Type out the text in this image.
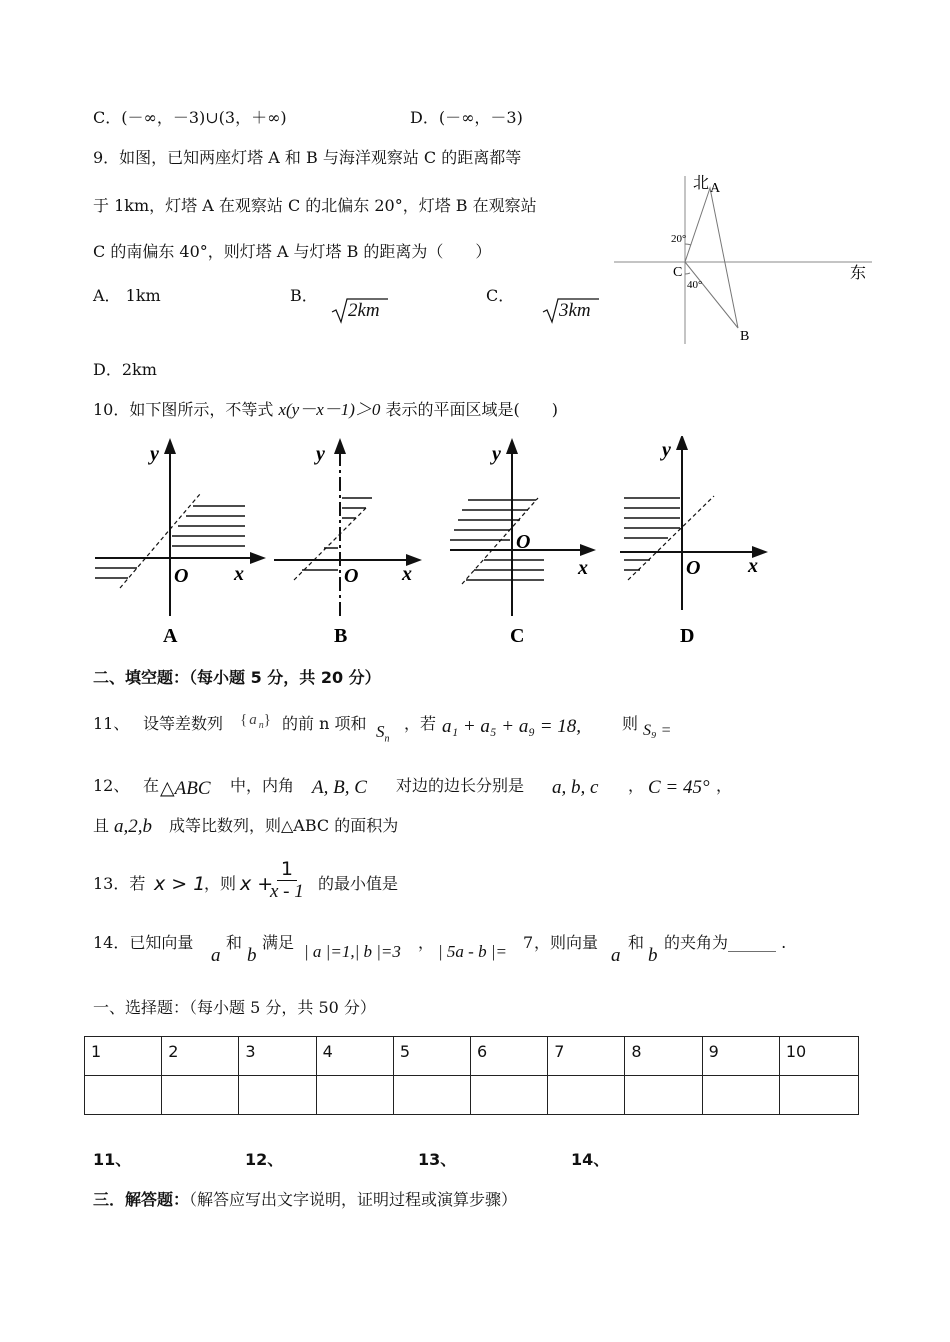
C．(－∞，－3)∪(3，＋∞)	D．(－∞，－3)
9．如图，已知两座灯塔 A 和 B 与海洋观察站 C 的距离都等
于 1km，灯塔 A 在观察站 C 的北偏东 20°，灯塔 B 在观察站
C 的南偏东 40°，则灯塔 A 与灯塔 B 的距离为（　　）
A． 1km	B．
2km
C．
3km
D．2km
北 A
东
C
B
20°
40°
10．如下图所示，不等式 x(y－x－1)＞0 表示的平面区域是(　　)
y
x
O
A
y
x
O
B
y
x
O
C
y
x
O
D
二、填空题：（每小题 5 分，共 20 分）
11、 设等差数列 { a $_n$} 的前 n 项和 $S_n$
，若 a₁ + a₅ + a₉ = 18,	则 S₉ =
12、 在 △ABC 中，内角 A, B, C 对边的边长分别是 a, b, c ， C = 45° ，
且 a,2,b 成等比数列，则△ABC 的面积为
13．若 x > 1
，则 x +
$\frac{1}{x - 1}$ 的最小值是
14．已知向量
a
和
b
满足 | a |=1,| b |=3 ， | 5a - b |= 7 ，则向量
a
和
b
的夹角为______ .
一、选择题：（每小题 5 分，共 50 分）
1	2	3	4	5	6	7	8	9	10

11、	12、	13、	14、
三．解答题：（解答应写出文字说明，证明过程或演算步骤）
